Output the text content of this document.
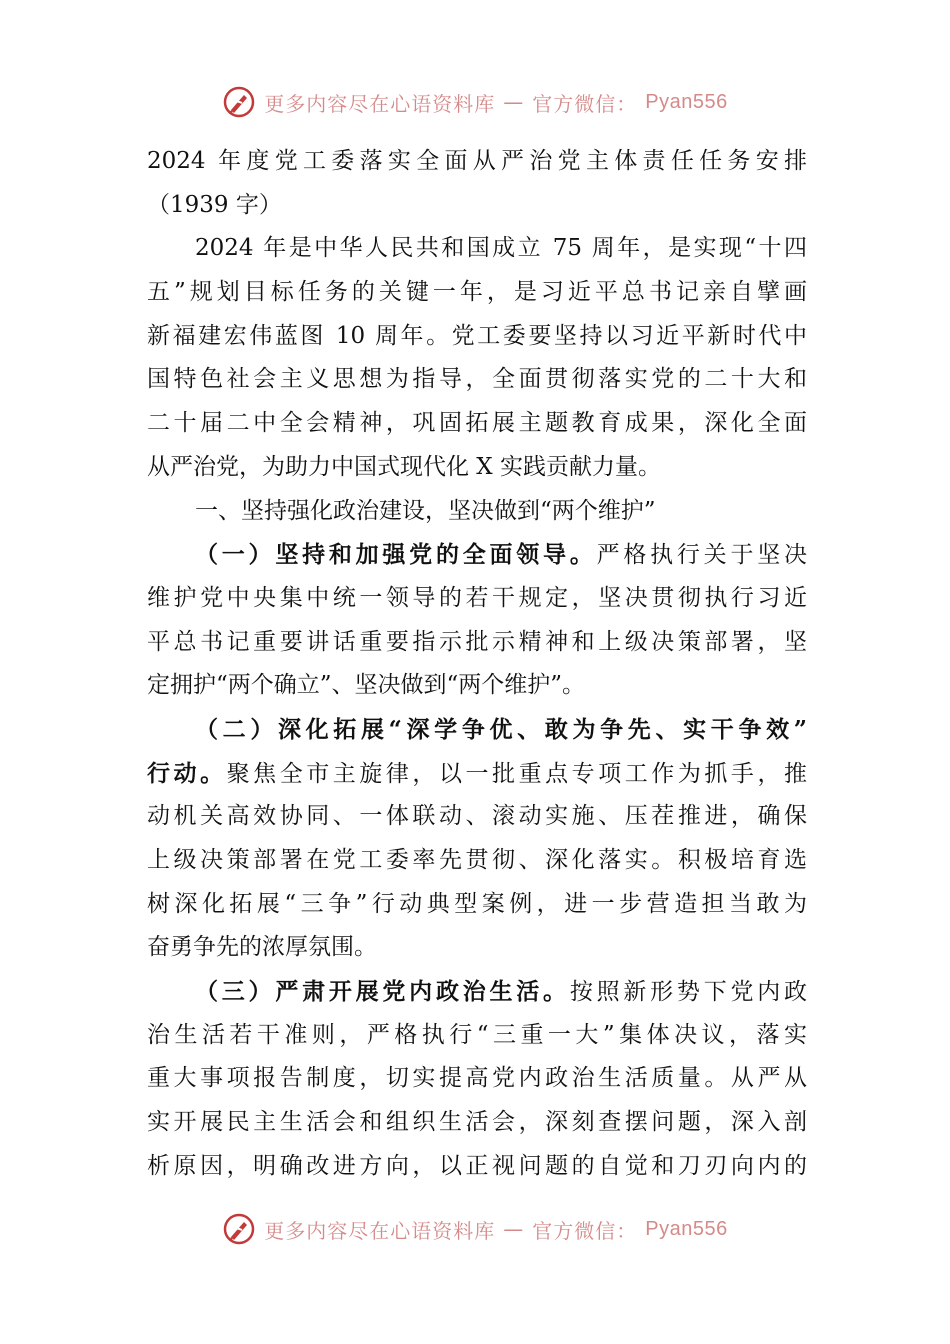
更多内容尽在心语资料库 — 官方微信： Pyan556
2024 年度党工委落实全面从严治党主体责任任务安排
（1939 字）
2024 年是中华人民共和国成立 75 周年，是实现“十四
五”规划目标任务的关键一年，是习近平总书记亲自擘画
新福建宏伟蓝图 10 周年。党工委要坚持以习近平新时代中
国特色社会主义思想为指导，全面贯彻落实党的二十大和
二十届二中全会精神，巩固拓展主题教育成果，深化全面
从严治党，为助力中国式现代化 X 实践贡献力量。
一、坚持强化政治建设，坚决做到“两个维护”
（一）坚持和加强党的全面领导。严格执行关于坚决
维护党中央集中统一领导的若干规定，坚决贯彻执行习近
平总书记重要讲话重要指示批示精神和上级决策部署，坚
定拥护“两个确立”、坚决做到“两个维护”。
（二）深化拓展“深学争优、敢为争先、实干争效”
行动。聚焦全市主旋律，以一批重点专项工作为抓手，推
动机关高效协同、一体联动、滚动实施、压茬推进，确保
上级决策部署在党工委率先贯彻、深化落实。积极培育选
树深化拓展“三争”行动典型案例，进一步营造担当敢为
奋勇争先的浓厚氛围。
（三）严肃开展党内政治生活。按照新形势下党内政
治生活若干准则，严格执行“三重一大”集体决议，落实
重大事项报告制度，切实提高党内政治生活质量。从严从
实开展民主生活会和组织生活会，深刻查摆问题，深入剖
析原因，明确改进方向，以正视问题的自觉和刀刃向内的
更多内容尽在心语资料库 — 官方微信： Pyan556
